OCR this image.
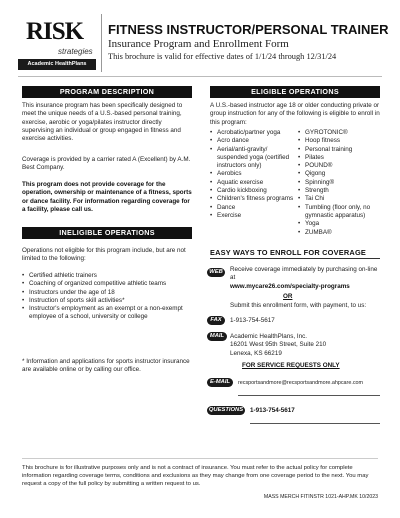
RISK
strategies
Academic HealthPlans
FITNESS INSTRUCTOR/PERSONAL TRAINER
Insurance Program and Enrollment Form
This brochure is valid for effective dates of 1/1/24 through 12/31/24
PROGRAM DESCRIPTION
This insurance program has been specifically designed to meet the unique needs of a U.S.-based personal training, exercise, aerobic or yoga/pilates instructor directly supervising an individual or group engaged in fitness and exercise activities.
Coverage is provided by a carrier rated A (Excellent) by A.M. Best Company.
This program does not provide coverage for the operation, ownership or maintenance of a fitness, sports or dance facility. For information regarding coverage for a facility, please call us.
INELIGIBLE OPERATIONS
Operations not eligible for this program include, but are not limited to the following:
• Certified athletic trainers
• Coaching of organized competitive athletic teams
• Instructors under the age of 18
• Instruction of sports skill activities*
• Instructor's employment as an exempt or a non-exempt employee of a school, university or college
* Information and applications for sports instructor insurance are available online or by calling our office.
ELIGIBLE OPERATIONS
A U.S.-based instructor age 18 or older conducting private or group instruction for any of the following is eligible to enroll in this program:
• Acrobatic/partner yoga
• Acro dance
• Aerial/anti-gravity/ suspended yoga (certified instructors only)
• Aerobics
• Aquatic exercise
• Cardio kickboxing
• Children's fitness programs
• Dance
• Exercise
• GYROTONIC®
• Hoop fitness
• Personal training
• Pilates
• POUND®
• Qigong
• Spinning®
• Strength
• Tai Chi
• Tumbling (floor only, no gymnastic apparatus)
• Yoga
• ZUMBA®
EASY WAYS TO ENROLL FOR COVERAGE
WEB	Receive coverage immediately by purchasing on-line at
www.mycare26.com/specialty-programs
OR
Submit this enrollment form, with payment, to us:
FAX	1-913-754-5617
MAIL Academic HealthPlans, Inc.
16201 West 95th Street, Suite 210
Lenexa, KS 66219
FOR SERVICE REQUESTS ONLY
E-MAIL	recsportsandmore@recsportsandmore.ahpcare.com
QUESTIONS	1-913-754-5617
This brochure is for illustrative purposes only and is not a contract of insurance. You must refer to the actual policy for complete information regarding coverage terms, conditions and exclusions as they may change from one coverage period to the next. You may request a copy of the full policy by submitting a written request to us.
MASS MERCH FITINSTR 1021-AHP.MK 10/2023
